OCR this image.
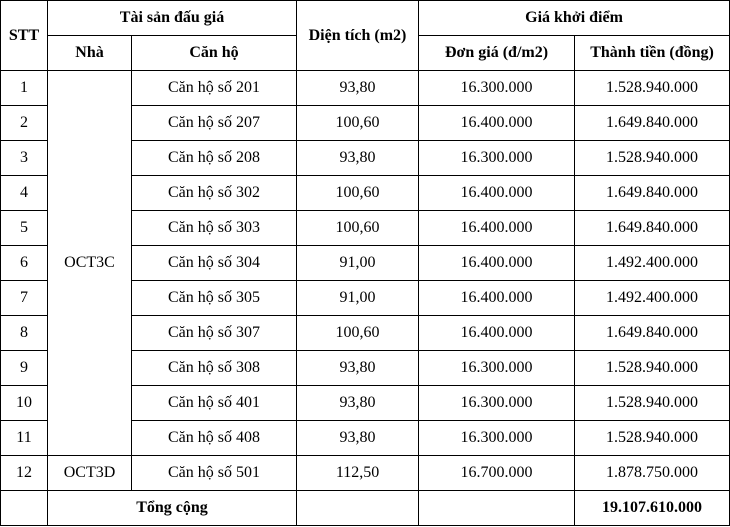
STT	Tài sản đấu giá		Diện tích (m2)	Giá khởi điểm	
	Nhà	Căn hộ		Đơn giá (đ/m2)	Thành tiền (đồng)
1	OCT3C	Căn hộ số 201	93,80	16.300.000	1.528.940.000
2		Căn hộ số 207	100,60	16.400.000	1.649.840.000
3		Căn hộ số 208	93,80	16.300.000	1.528.940.000
4		Căn hộ số 302	100,60	16.400.000	1.649.840.000
5		Căn hộ số 303	100,60	16.400.000	1.649.840.000
6		Căn hộ số 304	91,00	16.400.000	1.492.400.000
7		Căn hộ số 305	91,00	16.400.000	1.492.400.000
8		Căn hộ số 307	100,60	16.400.000	1.649.840.000
9		Căn hộ số 308	93,80	16.300.000	1.528.940.000
10		Căn hộ số 401	93,80	16.300.000	1.528.940.000
11		Căn hộ số 408	93,80	16.300.000	1.528.940.000
12	OCT3D	Căn hộ số 501	112,50	16.700.000	1.878.750.000
	Tổng cộng				19.107.610.000
